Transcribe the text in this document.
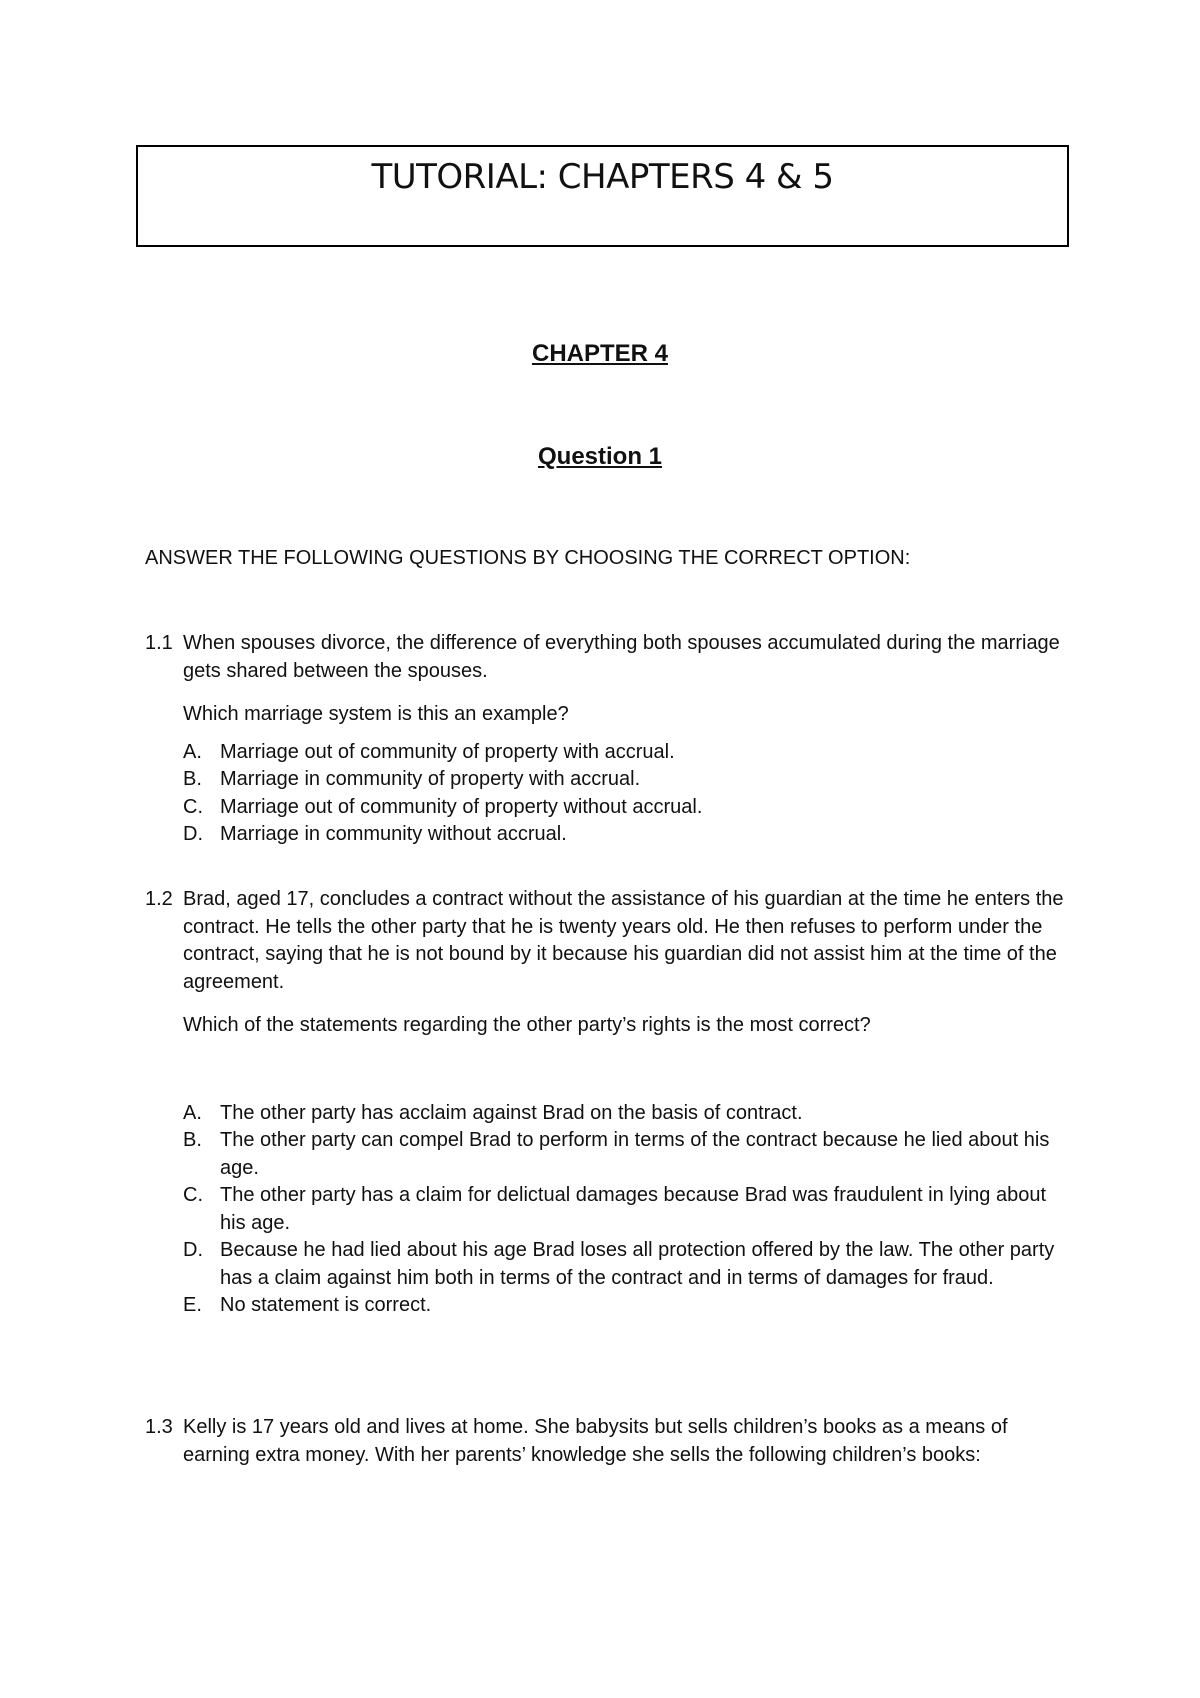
TUTORIAL: CHAPTERS 4 & 5
CHAPTER 4
Question 1
ANSWER THE FOLLOWING QUESTIONS BY CHOOSING THE CORRECT OPTION:
1.1 When spouses divorce, the difference of everything both spouses accumulated during the marriage gets shared between the spouses.
Which marriage system is this an example?
A. Marriage out of community of property with accrual.
B. Marriage in community of property with accrual.
C. Marriage out of community of property without accrual.
D. Marriage in community without accrual.
1.2 Brad, aged 17, concludes a contract without the assistance of his guardian at the time he enters the contract. He tells the other party that he is twenty years old. He then refuses to perform under the contract, saying that he is not bound by it because his guardian did not assist him at the time of the agreement.
Which of the statements regarding the other party’s rights is the most correct?
A. The other party has acclaim against Brad on the basis of contract.
B. The other party can compel Brad to perform in terms of the contract because he lied about his age.
C. The other party has a claim for delictual damages because Brad was fraudulent in lying about his age.
D. Because he had lied about his age Brad loses all protection offered by the law. The other party has a claim against him both in terms of the contract and in terms of damages for fraud.
E. No statement is correct.
1.3 Kelly is 17 years old and lives at home. She babysits but sells children’s books as a means of earning extra money. With her parents’ knowledge she sells the following children’s books:
